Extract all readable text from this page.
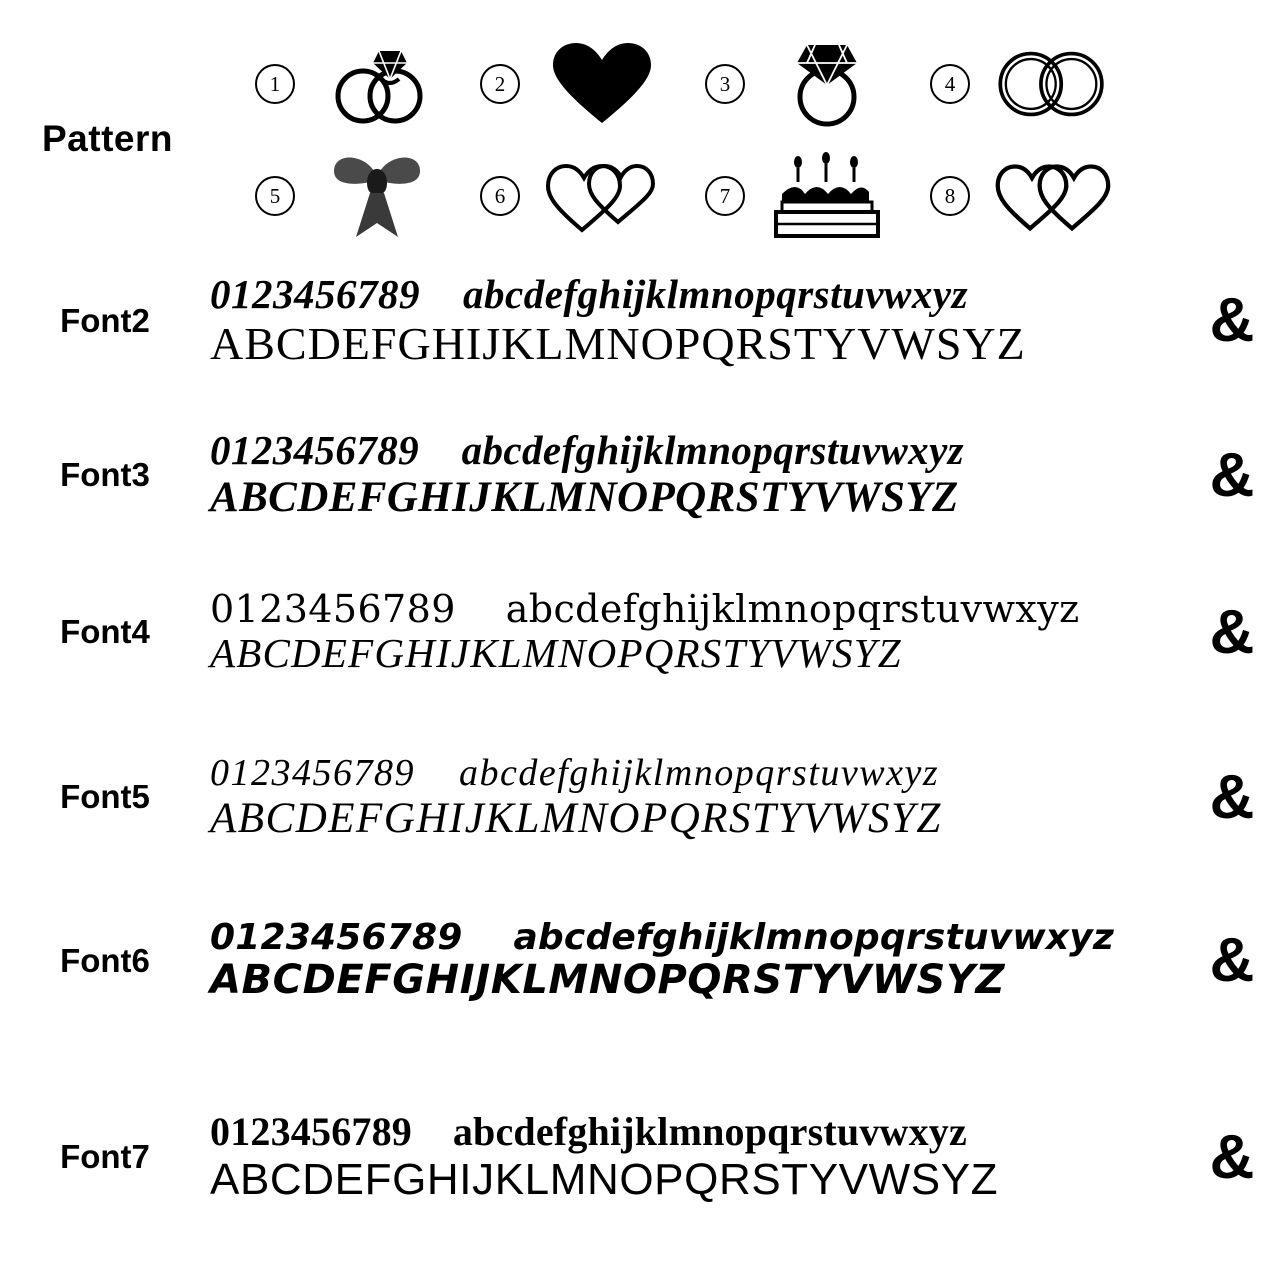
Pattern
1	2	3	4
5	6	7	8
Font2
0123456789 abcdefghijklmnopqrstuvwxyz
ABCDEFGHIJKLMNOPQRSTYVWSYZ	&
Font3
0123456789 abcdefghijklmnopqrstuvwxyz
ABCDEFGHIJKLMNOPQRSTYVWSYZ	&
Font4
0123456789 abcdefghijklmnopqrstuvwxyz
ABCDEFGHIJKLMNOPQRSTYVWSYZ	&
Font5
0123456789 abcdefghijklmnopqrstuvwxyz
ABCDEFGHIJKLMNOPQRSTYVWSYZ	&
Font6
0123456789 abcdefghijklmnopqrstuvwxyz
ABCDEFGHIJKLMNOPQRSTYVWSYZ	&
Font7
0123456789 abcdefghijklmnopqrstuvwxyz
ABCDEFGHIJKLMNOPQRSTYVWSYZ	&
